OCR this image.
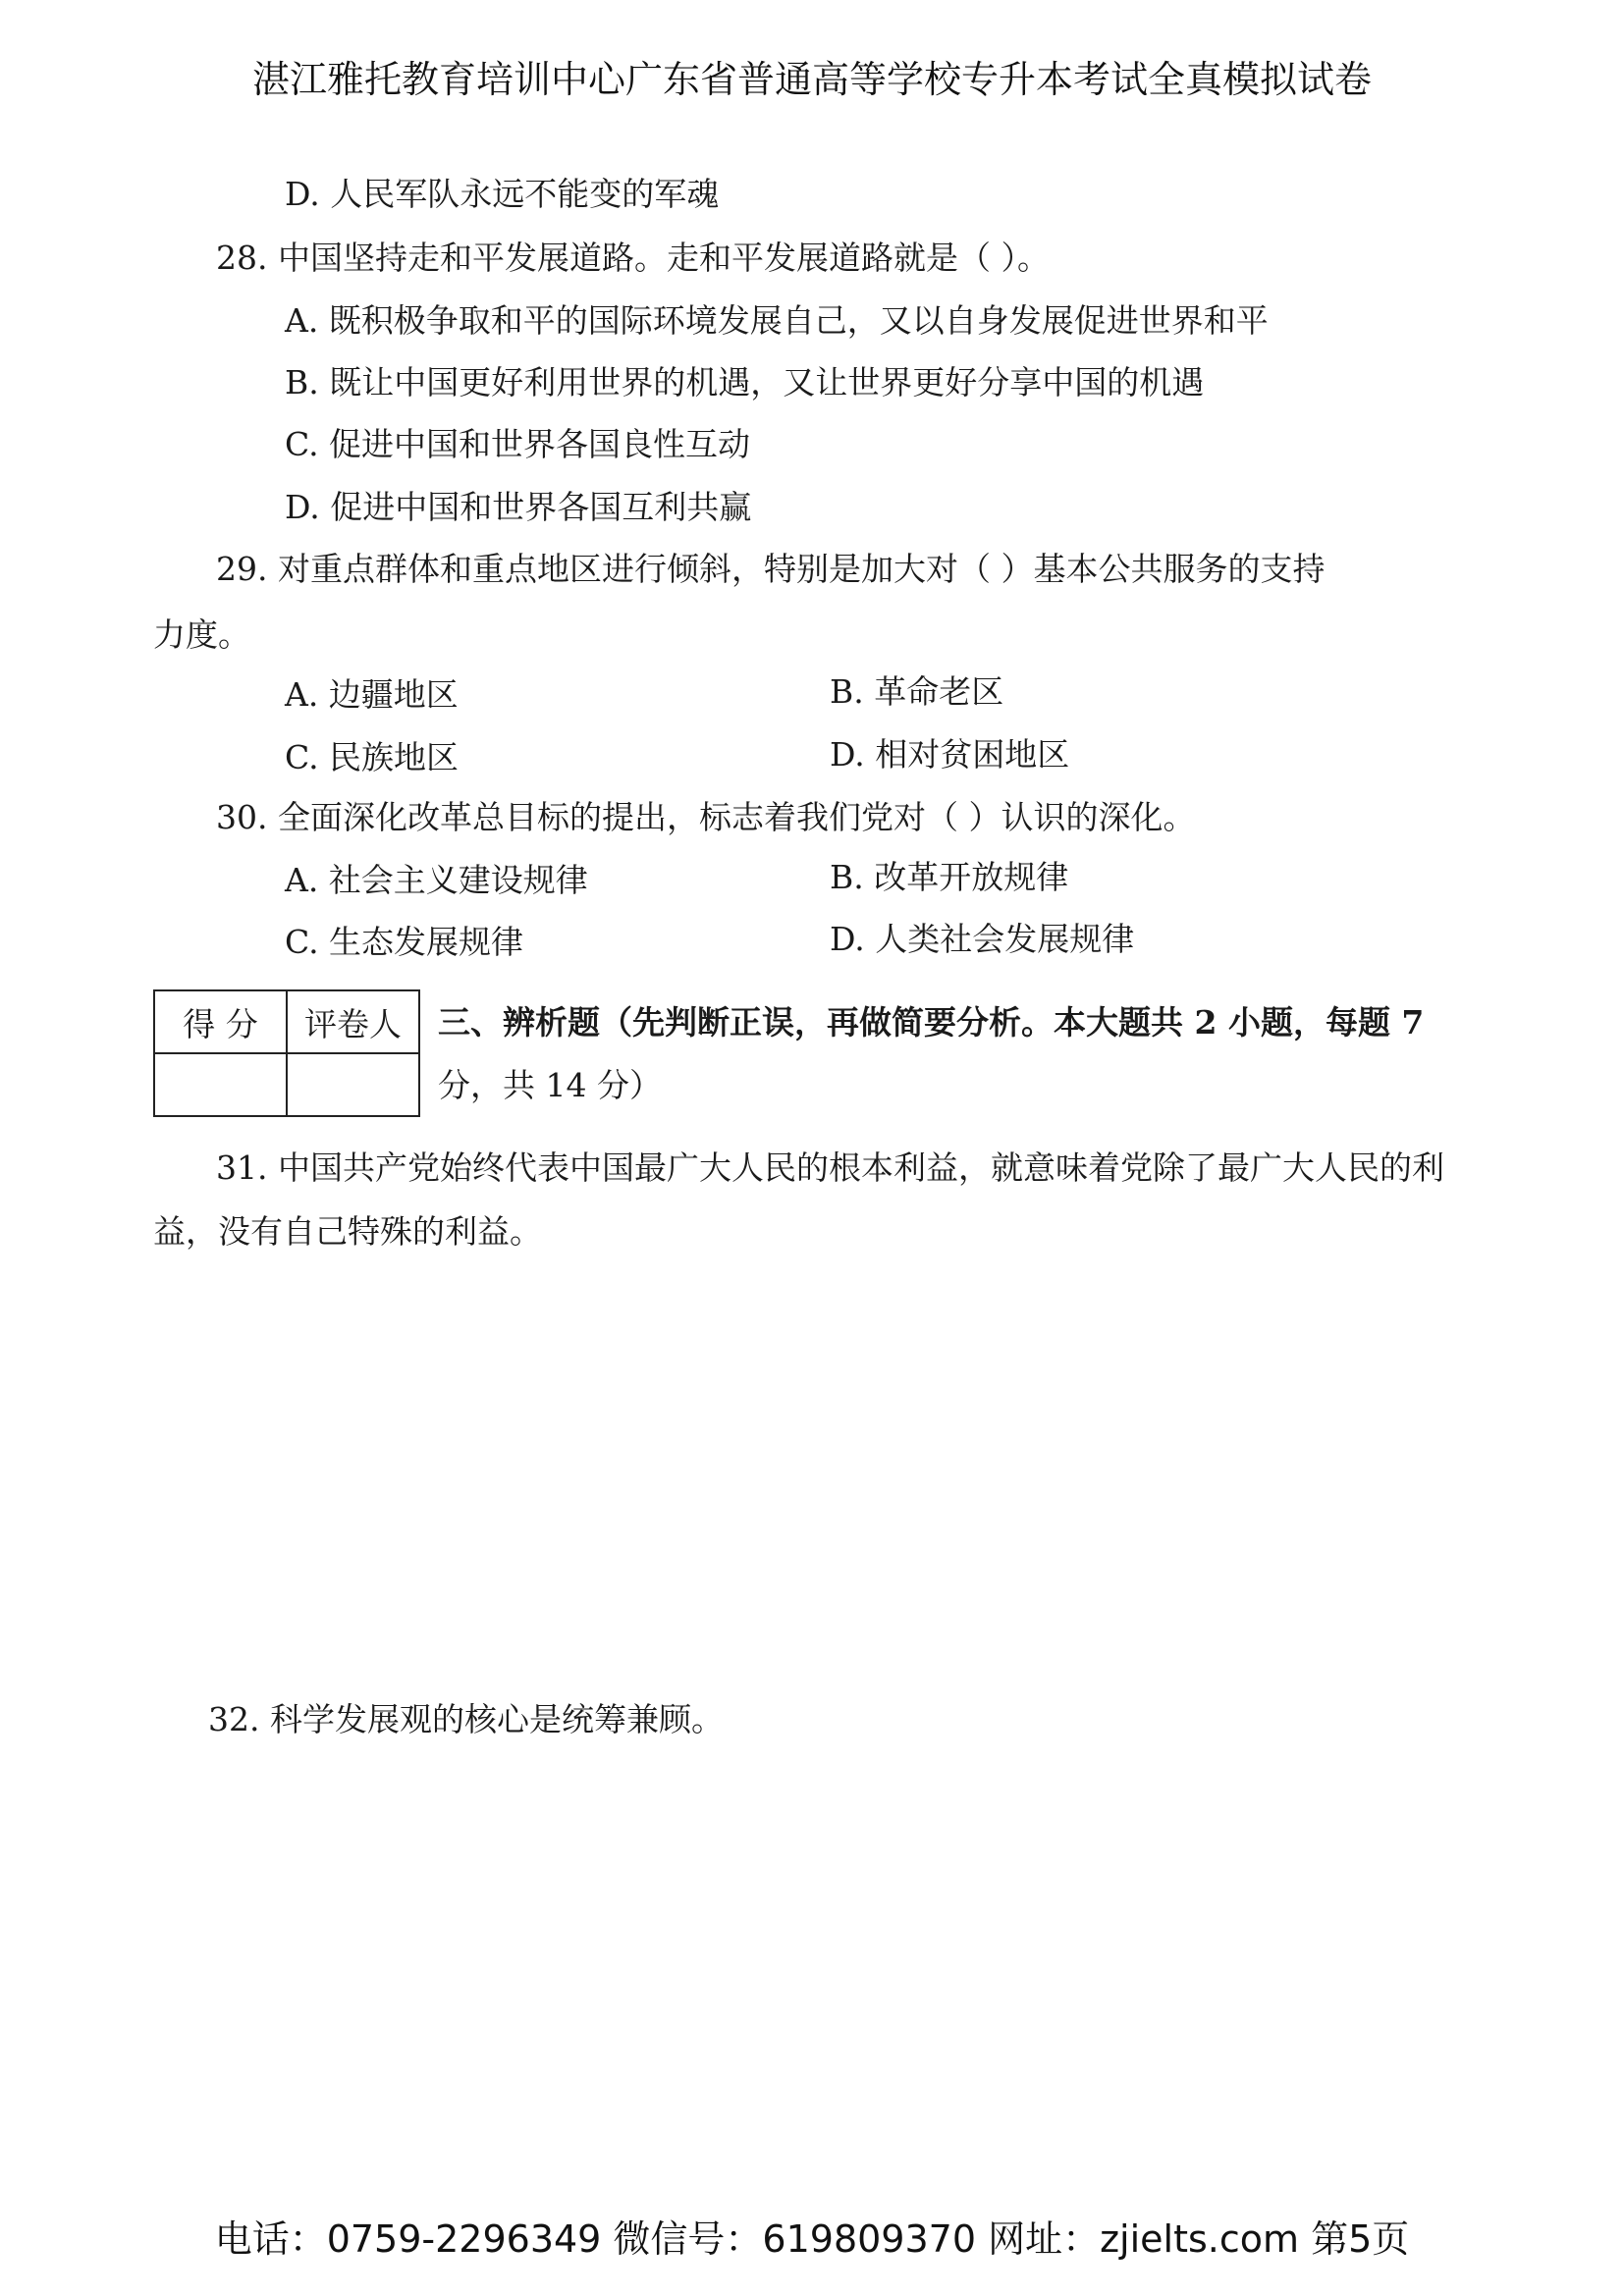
湛江雅托教育培训中心广东省普通高等学校专升本考试全真模拟试卷
D. 人民军队永远不能变的军魂
28. 中国坚持走和平发展道路。走和平发展道路就是（ ）。
A. 既积极争取和平的国际环境发展自己，又以自身发展促进世界和平
B. 既让中国更好利用世界的机遇，又让世界更好分享中国的机遇
C. 促进中国和世界各国良性互动
D. 促进中国和世界各国互利共赢
29. 对重点群体和重点地区进行倾斜，特别是加大对（ ）基本公共服务的支持
力度。
A. 边疆地区	B. 革命老区
C. 民族地区	D. 相对贫困地区
30. 全面深化改革总目标的提出，标志着我们党对（ ）认识的深化。
A. 社会主义建设规律	B. 改革开放规律
C. 生态发展规律	D. 人类社会发展规律
得 分	评卷人
	三、辨析题（先判断正误，再做简要分析。本大题共 2 小题，每题 7
分，共 14 分）
31. 中国共产党始终代表中国最广大人民的根本利益，就意味着党除了最广大人民的利
益，没有自己特殊的利益。
32. 科学发展观的核心是统筹兼顾。
电话：0759-2296349 微信号：619809370 网址：zjielts.com 第5页
